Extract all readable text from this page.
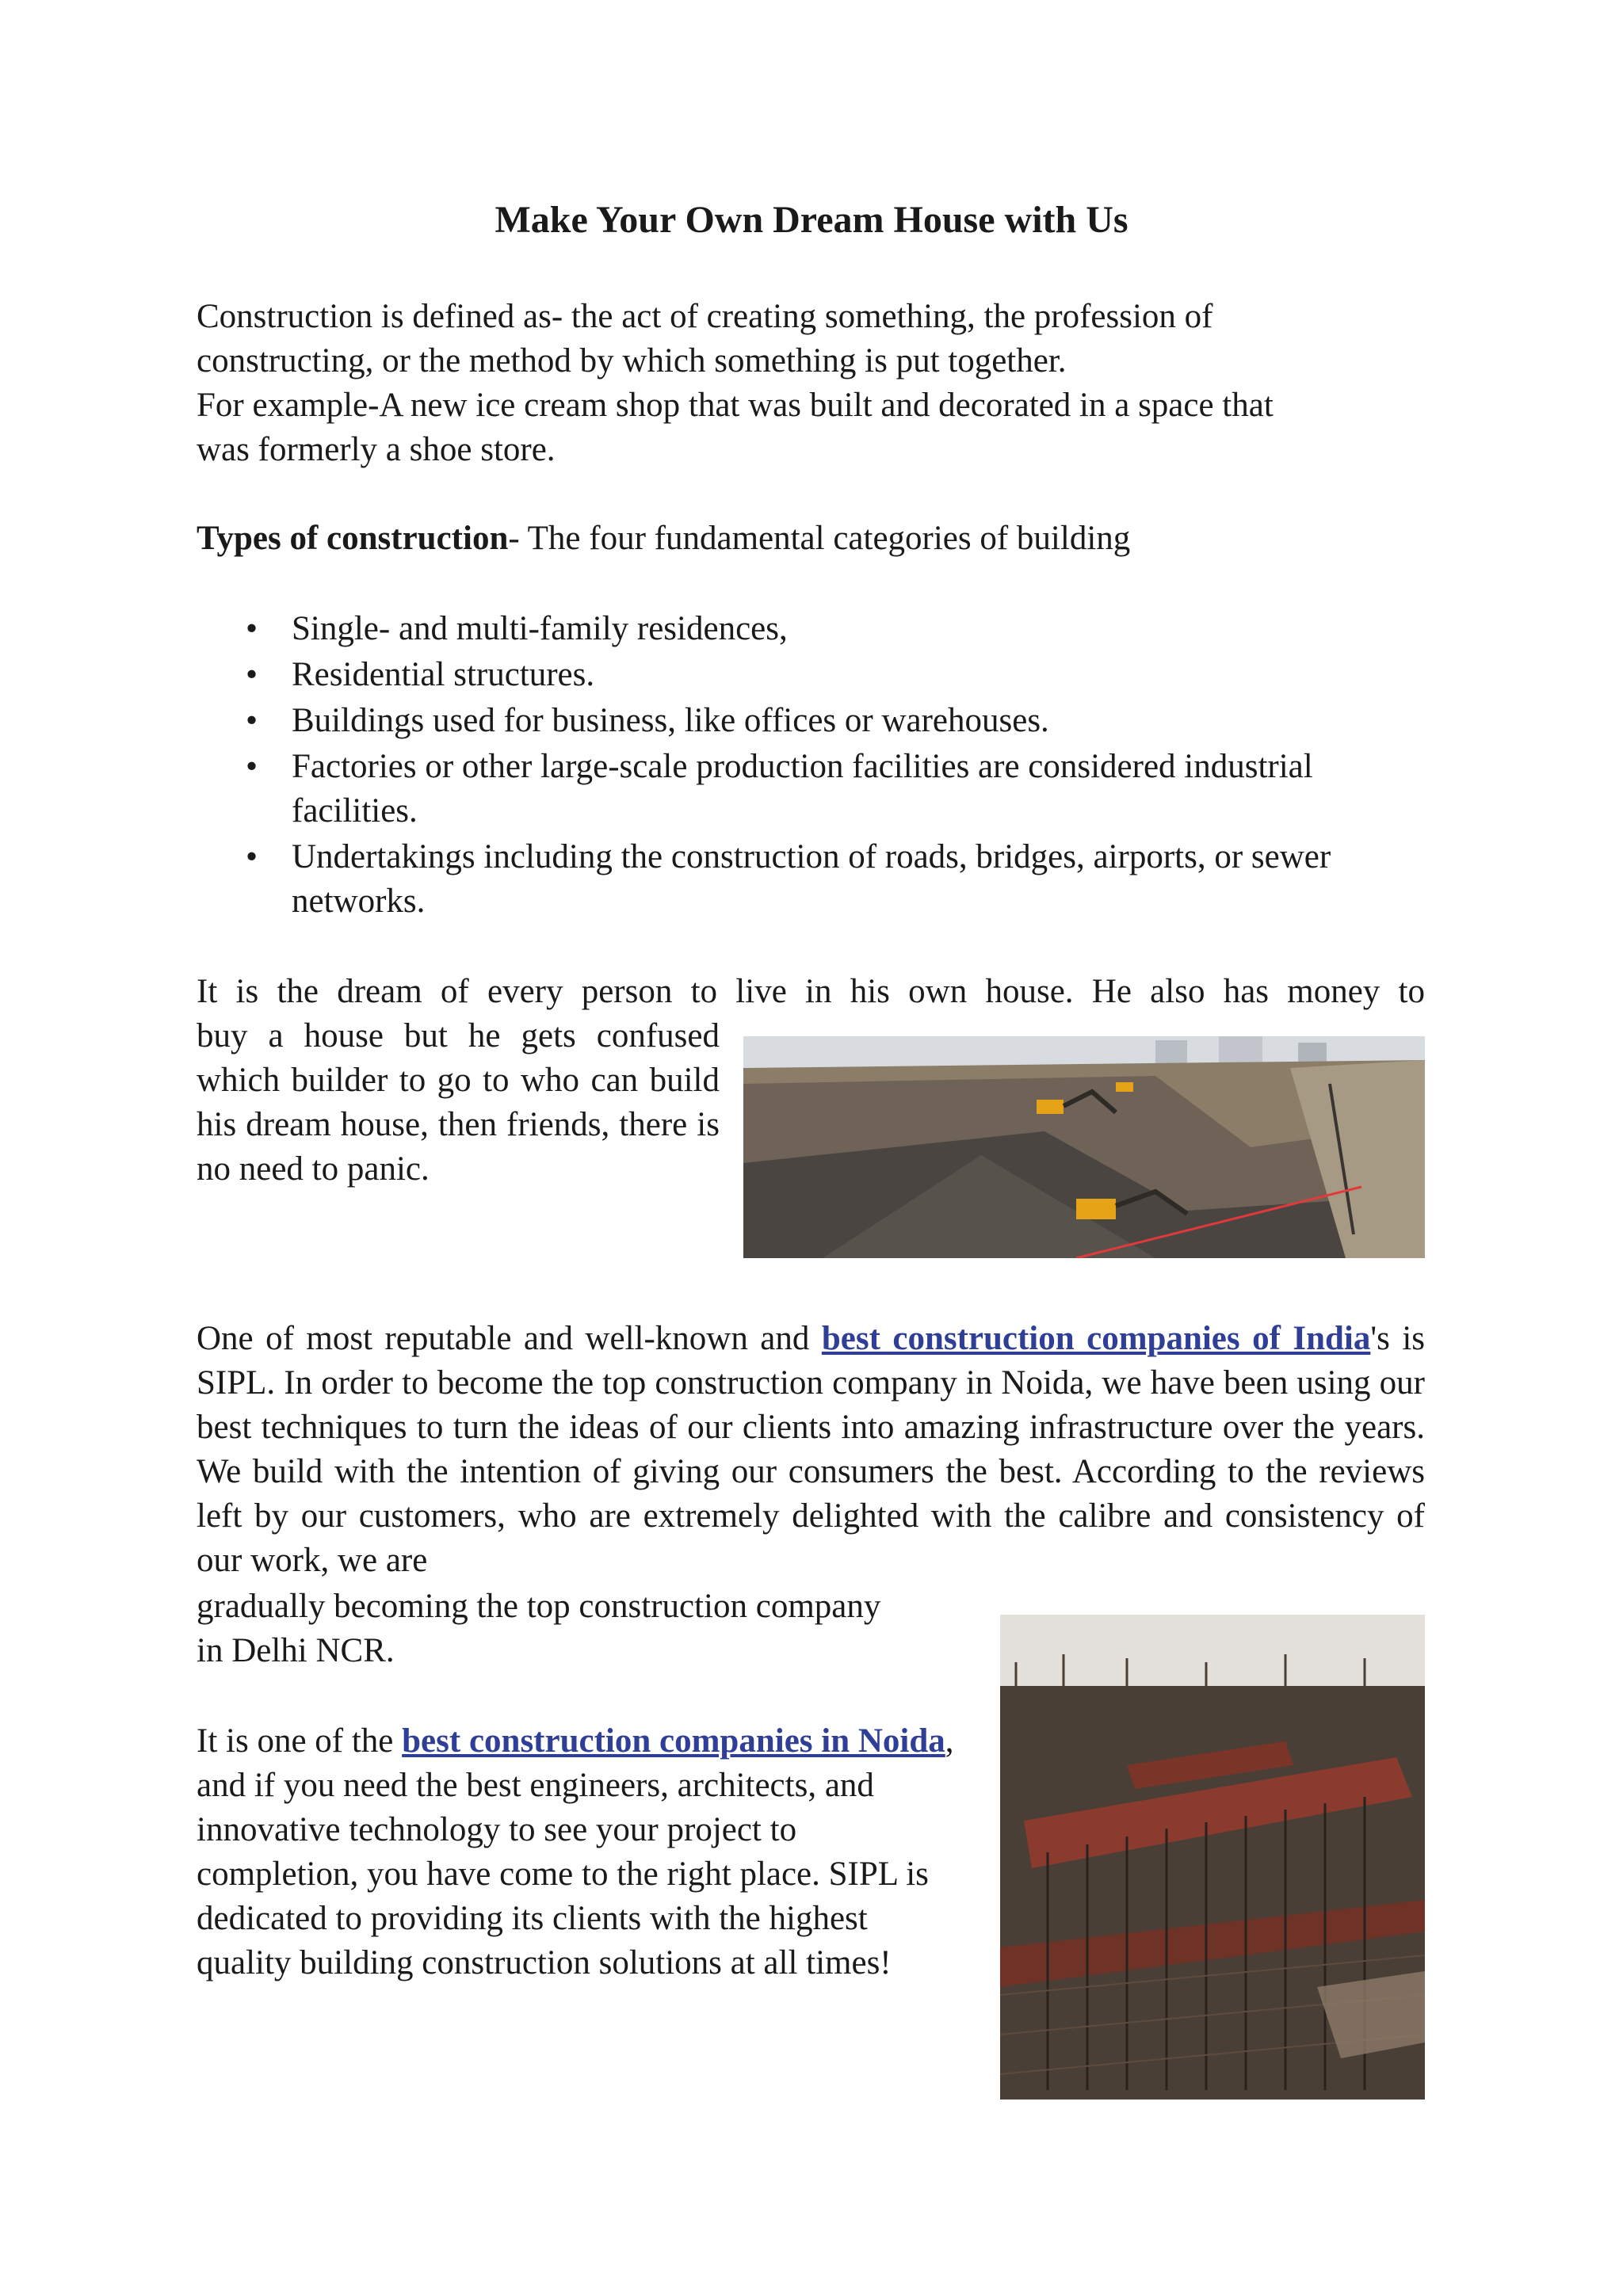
Make Your Own Dream House with Us
Construction is defined as- the act of creating something, the profession of
constructing, or the method by which something is put together.
For example-A new ice cream shop that was built and decorated in a space that
was formerly a shoe store.
Types of construction- The four fundamental categories of building
• Single- and multi-family residences,
• Residential structures.
• Buildings used for business, like offices or warehouses.
• Factories or other large-scale production facilities are considered industrial facilities.
• Undertakings including the construction of roads, bridges, airports, or sewer networks.
It is the dream of every person to live in his own house. He also has money to
buy a house but he gets confused which builder to go to who can build his dream house, then friends, there is no need to panic.
One of most reputable and well-known and best construction companies of India's is SIPL. In order to become the top construction company in Noida, we have been using our best techniques to turn the ideas of our clients into amazing infrastructure over the years. We build with the intention of giving our consumers the best. According to the reviews left by our customers, who are extremely delighted with the calibre and consistency of our work, we are
gradually becoming the top construction company
in Delhi NCR.
It is one of the best construction companies in Noida, and if you need the best engineers, architects, and innovative technology to see your project to completion, you have come to the right place. SIPL is dedicated to providing its clients with the highest quality building construction solutions at all times!
